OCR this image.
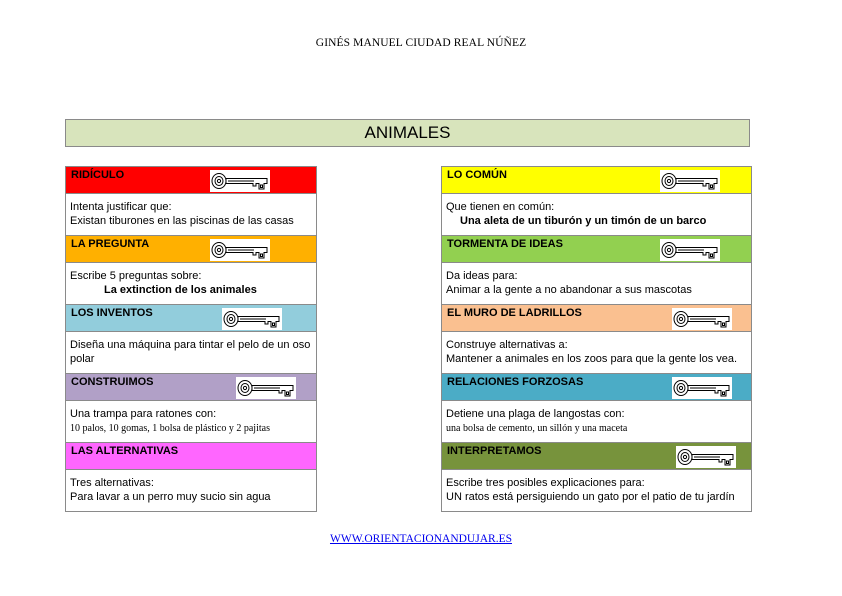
GINÉS MANUEL CIUDAD REAL NÚÑEZ
ANIMALES
RIDÍCULO
Intenta justificar que:
Existan tiburones en las piscinas de las casas
LA PREGUNTA
Escribe 5 preguntas sobre:
La extinction de los animales
LOS INVENTOS
Diseña una máquina para tintar el pelo de un oso polar
CONSTRUIMOS
Una trampa para ratones con:
10 palos, 10 gomas, 1 bolsa de plástico y 2 pajitas
LAS ALTERNATIVAS
Tres alternativas:
Para lavar a un perro muy sucio sin agua
LO COMÚN
Que tienen en común:
Una aleta de un tiburón y un timón de un barco
TORMENTA DE IDEAS
Da ideas para:
Animar a la gente a no abandonar a sus mascotas
EL MURO DE LADRILLOS
Construye alternativas a:
Mantener a animales en los zoos para que la gente los vea.
RELACIONES FORZOSAS
Detiene una plaga de langostas con:
una bolsa de cemento, un sillón y una maceta
INTERPRETAMOS
Escribe tres posibles explicaciones para:
UN ratos está persiguiendo un gato por el patio de tu jardín
WWW.ORIENTACIONANDUJAR.ES
